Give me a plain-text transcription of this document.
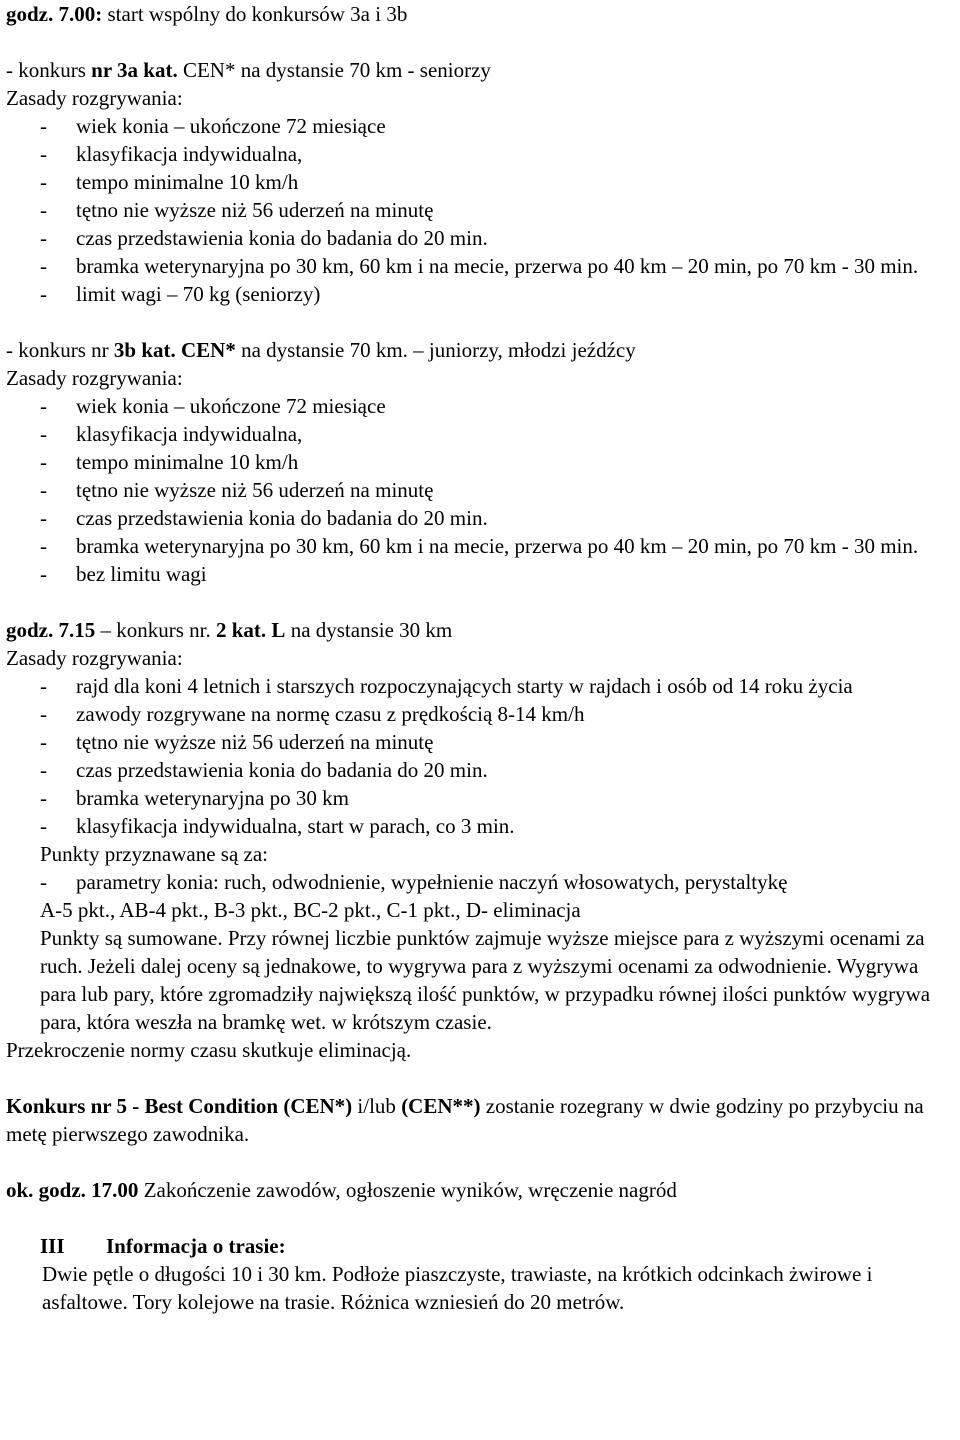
godz. 7.00: start wspólny do konkursów 3a i 3b
- konkurs nr 3a kat. CEN* na dystansie 70 km - seniorzy
Zasady rozgrywania:
-	wiek konia – ukończone 72 miesiące
-	klasyfikacja indywidualna,
-	tempo minimalne 10 km/h
-	tętno nie wyższe niż 56 uderzeń na minutę
-	czas przedstawienia konia do badania do 20 min.
-	bramka weterynaryjna po 30 km, 60 km i na mecie, przerwa po 40 km – 20 min, po 70 km - 30 min.
-	limit wagi – 70 kg (seniorzy)
- konkurs nr 3b kat. CEN* na dystansie 70 km. – juniorzy, młodzi jeźdźcy
Zasady rozgrywania:
-	wiek konia – ukończone 72 miesiące
-	klasyfikacja indywidualna,
-	tempo minimalne 10 km/h
-	tętno nie wyższe niż 56 uderzeń na minutę
-	czas przedstawienia konia do badania do 20 min.
-	bramka weterynaryjna po 30 km, 60 km i na mecie, przerwa po 40 km – 20 min, po 70 km - 30 min.
-	bez limitu wagi
godz. 7.15 – konkurs nr. 2 kat. L na dystansie 30 km
Zasady rozgrywania:
-	rajd dla koni 4 letnich i starszych rozpoczynających starty w rajdach i osób od 14 roku życia
-	zawody rozgrywane na normę czasu z prędkością 8-14 km/h
-	tętno nie wyższe niż 56 uderzeń na minutę
-	czas przedstawienia konia do badania do 20 min.
-	bramka weterynaryjna po 30 km
-	klasyfikacja indywidualna, start w parach, co 3 min.
Punkty przyznawane są za:
-	parametry konia: ruch, odwodnienie, wypełnienie naczyń włosowatych, perystaltykę
A-5 pkt., AB-4 pkt., B-3 pkt., BC-2 pkt., C-1 pkt., D- eliminacja
Punkty są sumowane. Przy równej liczbie punktów zajmuje wyższe miejsce para z wyższymi ocenami za ruch. Jeżeli dalej oceny są jednakowe, to wygrywa para z wyższymi ocenami za odwodnienie. Wygrywa para lub pary, które zgromadziły największą ilość punktów, w przypadku równej ilości punktów wygrywa para, która weszła na bramkę wet. w krótszym czasie.
Przekroczenie normy czasu skutkuje eliminacją.
Konkurs nr 5 - Best Condition (CEN*) i/lub (CEN**) zostanie rozegrany w dwie godziny po przybyciu na metę pierwszego zawodnika.
ok. godz. 17.00 Zakończenie zawodów, ogłoszenie wyników, wręczenie nagród
III Informacja o trasie:
Dwie pętle o długości 10 i 30 km. Podłoże piaszczyste, trawiaste, na krótkich odcinkach żwirowe i asfaltowe. Tory kolejowe na trasie. Różnica wzniesień do 20 metrów.
